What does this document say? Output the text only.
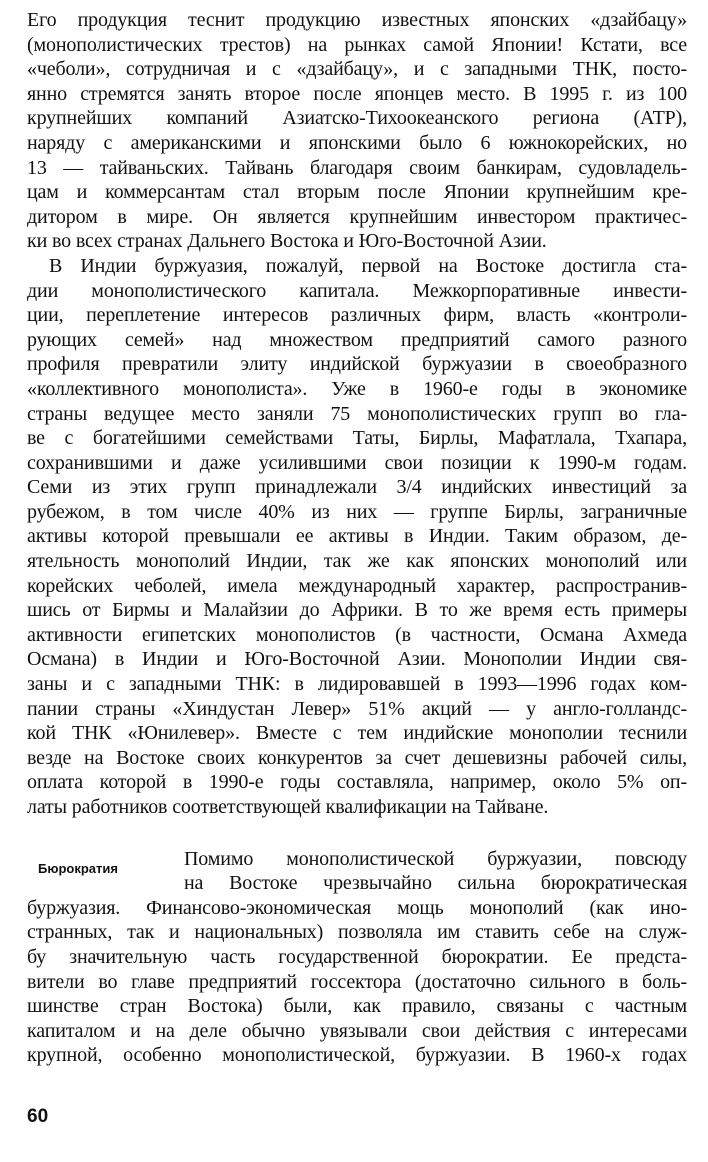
Его продукция теснит продукцию известных японских «дзайбацу»
(монополистических трестов) на рынках самой Японии! Кстати, все
«чеболи», сотрудничая и с «дзайбацу», и с западными ТНК, посто-
янно стремятся занять второе после японцев место. В 1995 г. из 100
крупнейших компаний Азиатско-Тихоокеанского региона (АТР),
наряду с американскими и японскими было 6 южнокорейских, но
13 — тайваньских. Тайвань благодаря своим банкирам, судовладель-
цам и коммерсантам стал вторым после Японии крупнейшим кре-
дитором в мире. Он является крупнейшим инвестором практичес-
ки во всех странах Дальнего Востока и Юго-Восточной Азии.
В Индии буржуазия, пожалуй, первой на Востоке достигла ста-
дии монополистического капитала. Межкорпоративные инвести-
ции, переплетение интересов различных фирм, власть «контроли-
рующих семей» над множеством предприятий самого разного
профиля превратили элиту индийской буржуазии в своеобразного
«коллективного монополиста». Уже в 1960-е годы в экономике
страны ведущее место заняли 75 монополистических групп во гла-
ве с богатейшими семействами Таты, Бирлы, Мафатлала, Тхапара,
сохранившими и даже усилившими свои позиции к 1990-м годам.
Семи из этих групп принадлежали 3/4 индийских инвестиций за
рубежом, в том числе 40% из них — группе Бирлы, заграничные
активы которой превышали ее активы в Индии. Таким образом, де-
ятельность монополий Индии, так же как японских монополий или
корейских чеболей, имела международный характер, распространив-
шись от Бирмы и Малайзии до Африки. В то же время есть примеры
активности египетских монополистов (в частности, Османа Ахмеда
Османа) в Индии и Юго-Восточной Азии. Монополии Индии свя-
заны и с западными ТНК: в лидировавшей в 1993—1996 годах ком-
пании страны «Хиндустан Левер» 51% акций — у англо-голландс-
кой ТНК «Юнилевер». Вместе с тем индийские монополии теснили
везде на Востоке своих конкурентов за счет дешевизны рабочей силы,
оплата которой в 1990-е годы составляла, например, около 5% оп-
латы работников соответствующей квалификации на Тайване.
Бюрократия	Помимо монополистической буржуазии, повсюду
на Востоке чрезвычайно сильна бюрократическая
буржуазия. Финансово-экономическая мощь монополий (как ино-
странных, так и национальных) позволяла им ставить себе на служ-
бу значительную часть государственной бюрократии. Ее предста-
вители во главе предприятий госсектора (достаточно сильного в боль-
шинстве стран Востока) были, как правило, связаны с частным
капиталом и на деле обычно увязывали свои действия с интересами
крупной, особенно монополистической, буржуазии. В 1960-х годах
60
